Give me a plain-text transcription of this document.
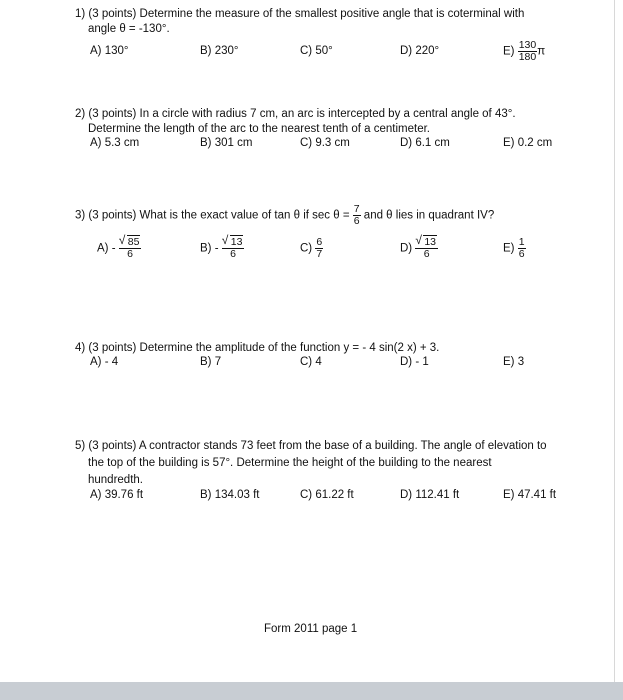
1) (3 points) Determine the measure of the smallest positive angle that is coterminal with
angle θ = -130°.
A) 130°	B) 230°	C) 50°	D) 220°	$E) \frac{130}{180}$ π
2) (3 points) In a circle with radius 7 cm, an arc is intercepted by a central angle of 43°.
Determine the length of the arc to the nearest tenth of a centimeter.
A) 5.3 cm	B) 301 cm	C) 9.3 cm	D) 6.1 cm	E) 0.2 cm
3) (3 points) What is the exact value of tan θ if $\sec \theta = \frac{7}{6}$ and θ lies in quadrant IV?
A) - √ $\frac{85}{6}$	B) - √ $\frac{13}{6}$	$C) \frac{6}{7}$	D) √ $\frac{13}{6}$	$E) \frac{1}{6}$
4) (3 points) Determine the amplitude of the function y = - 4 sin(2 x) + 3.
A) - 4	B) 7	C) 4	D) - 1	E) 3
5) (3 points) A contractor stands 73 feet from the base of a building. The angle of elevation to
the top of the building is 57°. Determine the height of the building to the nearest
hundredth.
A) 39.76 ft	B) 134.03 ft	C) 61.22 ft	D) 112.41 ft	E) 47.41 ft
Form 2011 page 1
